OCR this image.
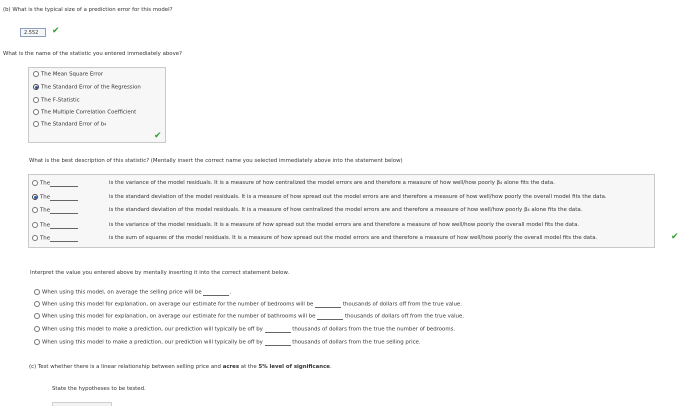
(b) What is the typical size of a prediction error for this model?
2.552	✔
What is the name of the statistic you entered immediately above?
The Mean Square Error
The Standard Error of the Regression
The F-Statistic
The Multiple Correlation Coefficient
The Standard Error of b₄
✔
What is the best description of this statistic? (Mentally insert the correct name you selected immediately above into the statement below)
The	is the variance of the model residuals. It is a measure of how centralized the model errors are and therefore a measure of how well/how poorly β₄ alone fits the data.
The	is the standard deviation of the model residuals. It is a measure of how spread out the model errors are and therefore a measure of how well/how poorly the overall model fits the data.
The	is the standard deviation of the model residuals. It is a measure of how centralized the model errors are and therefore a measure of how well/how poorly β₄ alone fits the data.
The	is the variance of the model residuals. It is a measure of how spread out the model errors are and therefore a measure of how well/how poorly the overall model fits the data.
The	is the sum of squares of the model residuals. It is a measure of how spread out the model errors are and therefore a measure of how well/how poorly the overall model fits the data.	✔
Interpret the value you entered above by mentally inserting it into the correct statement below.
When using this model, on average the selling price will be	.
When using this model for explanation, on average our estimate for the number of bedrooms will be	thousands of dollars off from the true value.
When using this model for explanation, on average our estimate for the number of bathrooms will be	thousands of dollars off from the true value.
When using this model to make a prediction, our prediction will typically be off by	thousands of dollars from the true the number of bedrooms.
When using this model to make a prediction, our prediction will typically be off by	thousands of dollars from the true selling price.
(c) Test whether there is a linear relationship between selling price and acres at the 5% level of significance.
State the hypotheses to be tested.
